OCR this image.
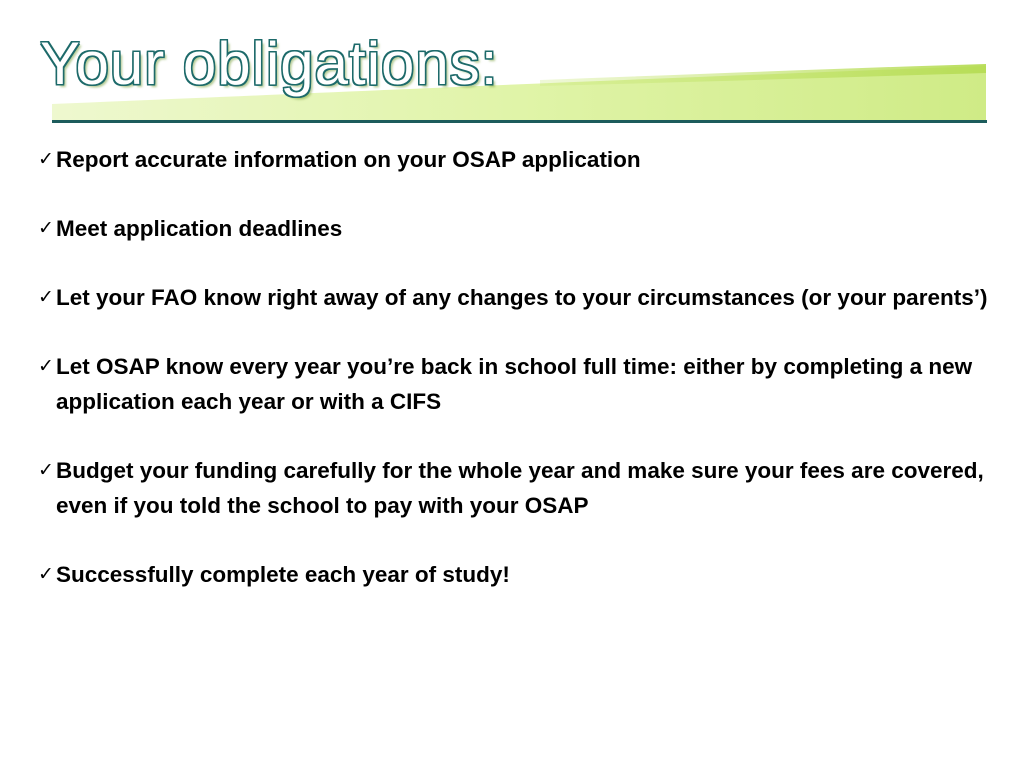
Your obligations:
✓ Report accurate information on your OSAP application
✓ Meet application deadlines
✓ Let your FAO know right away of any changes to your circumstances (or your parents’)
✓ Let OSAP know every year you’re back in school full time: either by completing a new application each year or with a CIFS
✓ Budget your funding carefully for the whole year and make sure your fees are covered, even if you told the school to pay with your OSAP
✓ Successfully complete each year of study!
